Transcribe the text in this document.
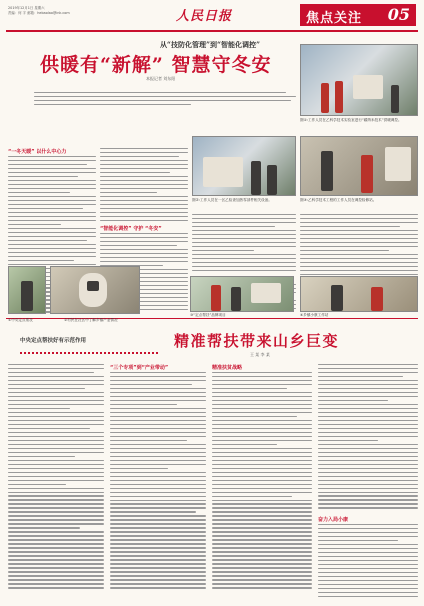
2019年12月1日 星期六
责编：何 宇 邮箱：hebaolao@ink.com	人民日报	焦点关注 05
从“技防化管理”到“智能化调控”
供暖有“新解” 智慧守冬安
本报记者 刘东阳
图①:工作人员在乙科学技术实验室进行“碳纳米技术”供暖调控。
“一冬天暖” 以什么中心力
“智能化调控” 守护 “冬安”
图②:工作人员在一区乙检查加热零部件相关设备。	图③:乙科学技术工程的工作人员在调控检修站。
①中央定点帮扶	②村民在社区中了解乡镇产业情况
③“定点帮扶”品牌项目	④乡镇小康工作站
中央定点帮扶好有示范作用	精准帮扶带来山乡巨变
王 某 李 某
“三个专项”到“产业带动”	精准扶贫战略
奋力入局小康
